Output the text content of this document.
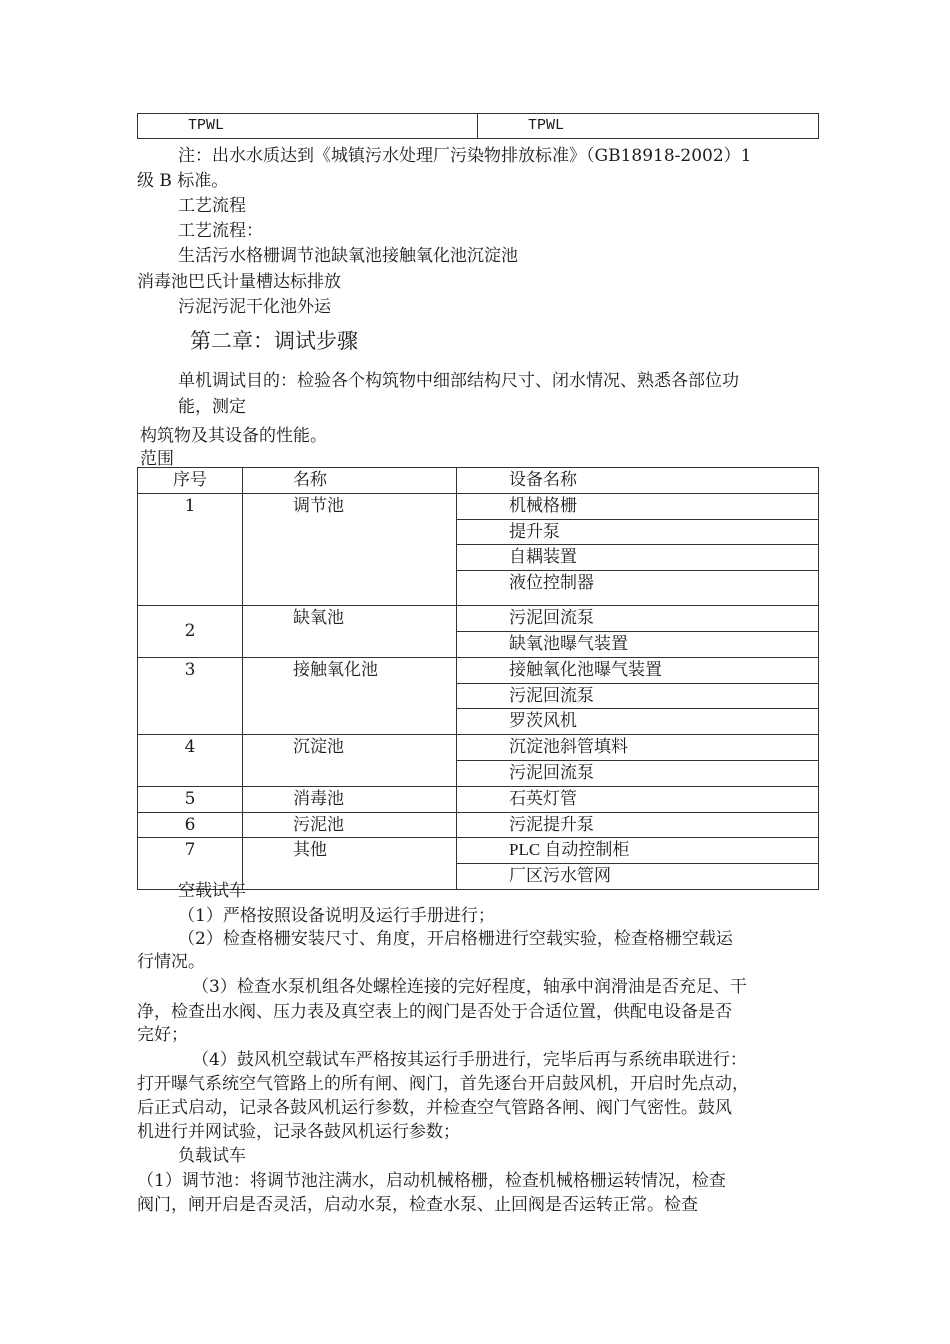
TPWL	TPWL
注：出水水质达到《城镇污水处理厂污染物排放标准》（GB18918-2002）1
级 B 标准。
工艺流程
工艺流程：
生活污水格栅调节池缺氧池接触氧化池沉淀池
消毒池巴氏计量槽达标排放
污泥污泥干化池外运
第二章：调试步骤
单机调试目的：检验各个构筑物中细部结构尺寸、闭水情况、熟悉各部位功
能，测定
构筑物及其设备的性能。
范围
序号	名称	设备名称
1	调节池	机械格栅
		提升泵
		自耦装置
		液位控制器
2	缺氧池	污泥回流泵
		缺氧池曝气装置
3	接触氧化池	接触氧化池曝气装置
		污泥回流泵
		罗茨风机
4	沉淀池	沉淀池斜管填料
		污泥回流泵
5	消毒池	石英灯管
6	污泥池	污泥提升泵
7	其他	PLC 自动控制柜
		厂区污水管网
空载试车
（1）严格按照设备说明及运行手册进行；
（2）检查格栅安装尺寸、角度，开启格栅进行空载实验，检查格栅空载运
行情况。
（3）检查水泵机组各处螺栓连接的完好程度，轴承中润滑油是否充足、干
净，检查出水阀、压力表及真空表上的阀门是否处于合适位置，供配电设备是否
完好；
（4）鼓风机空载试车严格按其运行手册进行，完毕后再与系统串联进行：
打开曝气系统空气管路上的所有闸、阀门，首先逐台开启鼓风机，开启时先点动，
后正式启动，记录各鼓风机运行参数，并检查空气管路各闸、阀门气密性。鼓风
机进行并网试验，记录各鼓风机运行参数；
负载试车
（1）调节池：将调节池注满水，启动机械格栅，检查机械格栅运转情况，检查
阀门，闸开启是否灵活，启动水泵，检查水泵、止回阀是否运转正常。检查
